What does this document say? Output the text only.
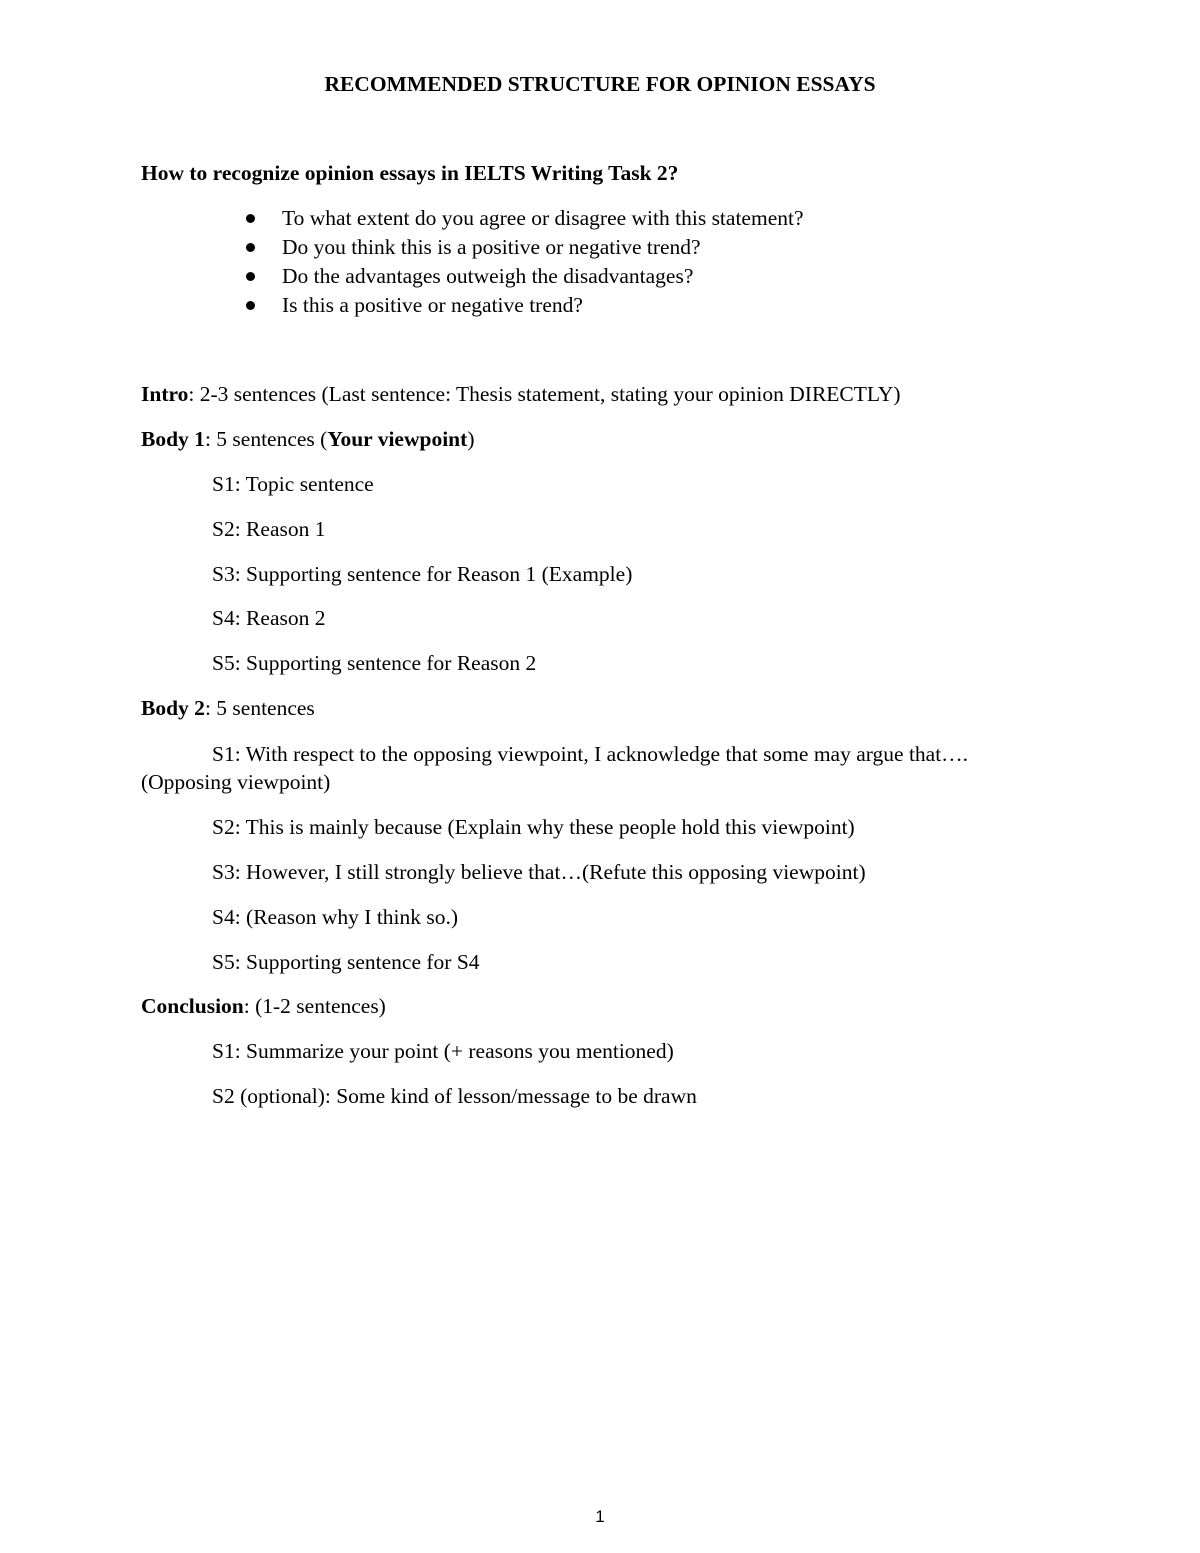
RECOMMENDED STRUCTURE FOR OPINION ESSAYS
How to recognize opinion essays in IELTS Writing Task 2?
To what extent do you agree or disagree with this statement?
Do you think this is a positive or negative trend?
Do the advantages outweigh the disadvantages?
Is this a positive or negative trend?
Intro: 2-3 sentences (Last sentence: Thesis statement, stating your opinion DIRECTLY)
Body 1: 5 sentences (Your viewpoint)
S1: Topic sentence
S2: Reason 1
S3: Supporting sentence for Reason 1 (Example)
S4: Reason 2
S5: Supporting sentence for Reason 2
Body 2: 5 sentences
S1: With respect to the opposing viewpoint, I acknowledge that some may argue that….
(Opposing viewpoint)
S2: This is mainly because (Explain why these people hold this viewpoint)
S3: However, I still strongly believe that…(Refute this opposing viewpoint)
S4: (Reason why I think so.)
S5: Supporting sentence for S4
Conclusion: (1-2 sentences)
S1: Summarize your point (+ reasons you mentioned)
S2 (optional): Some kind of lesson/message to be drawn
1
